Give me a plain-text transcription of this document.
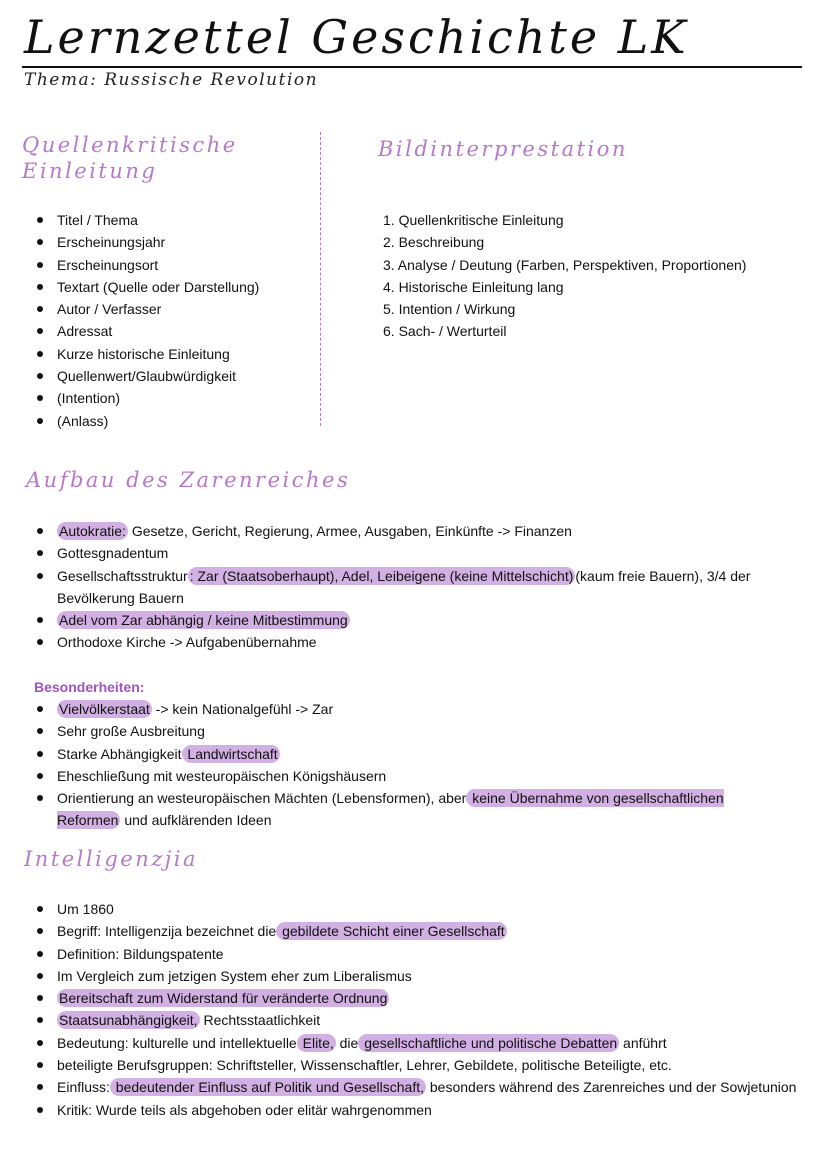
Lernzettel Geschichte LK
Thema: Russische Revolution
Quellenkritische
Einleitung
Titel / Thema
Erscheinungsjahr
Erscheinungsort
Textart (Quelle oder Darstellung)
Autor / Verfasser
Adressat
Kurze historische Einleitung
Quellenwert/Glaubwürdigkeit
(Intention)
(Anlass)
Bildinterprestation
1. Quellenkritische Einleitung
2. Beschreibung
3. Analyse / Deutung (Farben, Perspektiven, Proportionen)
4. Historische Einleitung lang
5. Intention / Wirkung
6. Sach- / Werturteil
Aufbau des Zarenreiches
Autokratie: Gesetze, Gericht, Regierung, Armee, Ausgaben, Einkünfte -> Finanzen
Gottesgnadentum
Gesellschaftsstruktur : Zar (Staatsoberhaupt), Adel, Leibeigene (keine Mittelschicht) (kaum freie Bauern), 3/4 der Bevölkerung Bauern
Adel vom Zar abhängig / keine Mitbestimmung
Orthodoxe Kirche -> Aufgabenübernahme
Besonderheiten:
Vielvölkerstaat -> kein Nationalgefühl -> Zar
Sehr große Ausbreitung
Starke Abhängigkeit Landwirtschaft
Eheschließung mit westeuropäischen Königshäusern
Orientierung an westeuropäischen Mächten (Lebensformen), aber keine Übernahme von gesellschaftlichen Reformen und aufklärenden Ideen
Intelligenzjia
Um 1860
Begriff: Intelligenzija bezeichnet die gebildete Schicht einer Gesellschaft
Definition: Bildungspatente
Im Vergleich zum jetzigen System eher zum Liberalismus
Bereitschaft zum Widerstand für veränderte Ordnung
Staatsunabhängigkeit, Rechtsstaatlichkeit
Bedeutung: kulturelle und intellektuelle Elite, die gesellschaftliche und politische Debatten anführt
beteiligte Berufsgruppen: Schriftsteller, Wissenschaftler, Lehrer, Gebildete, politische Beteiligte, etc.
Einfluss: bedeutender Einfluss auf Politik und Gesellschaft, besonders während des Zarenreiches und der Sowjetunion
Kritik: Wurde teils als abgehoben oder elitär wahrgenommen
